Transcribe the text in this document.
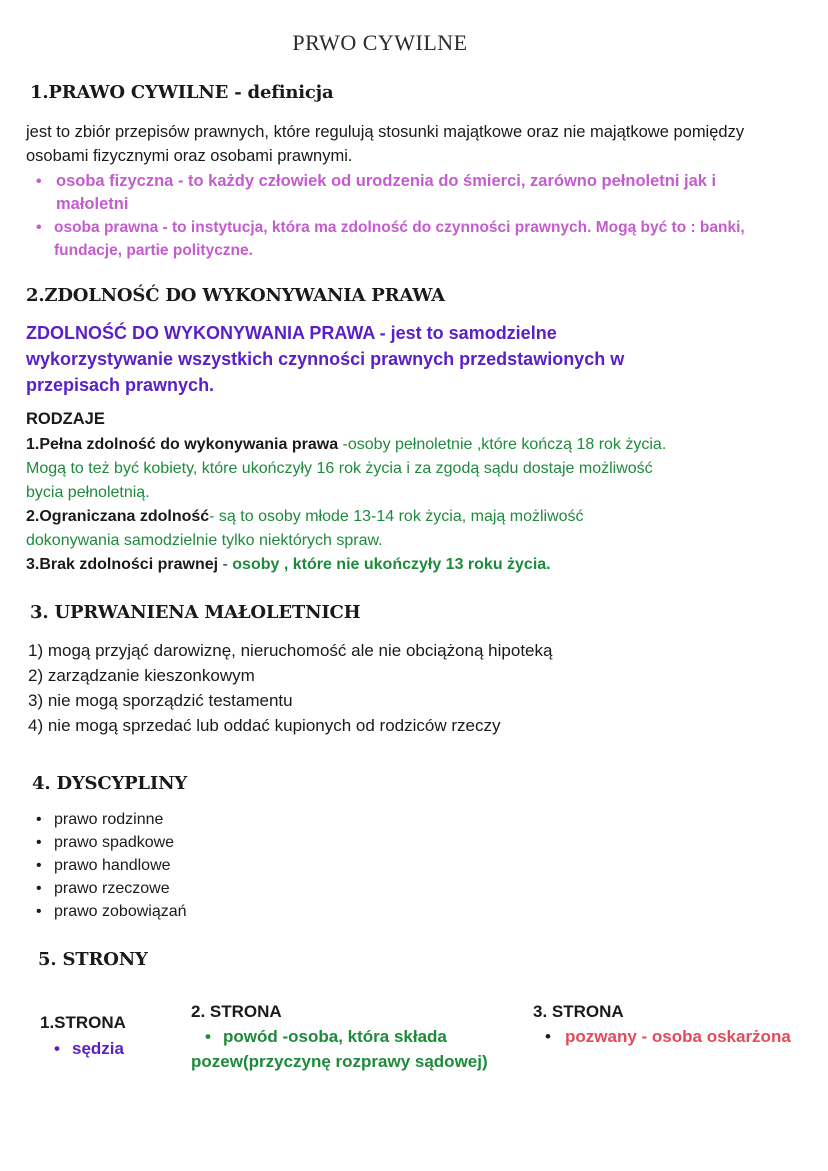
PRWO CYWILNE
1.PRAWO CYWILNE - definicja
jest to zbiór przepisów prawnych, które regulują stosunki majątkowe oraz nie majątkowe pomiędzy
osobami fizycznymi oraz osobami prawnymi.
• osoba fizyczna - to każdy człowiek od urodzenia do śmierci, zarówno pełnoletni jak i
małoletni
• osoba prawna - to instytucja, która ma zdolność do czynności prawnych. Mogą być to : banki,
fundacje, partie polityczne.
2.ZDOLNOŚĆ DO WYKONYWANIA PRAWA
ZDOLNOŚĆ DO WYKONYWANIA PRAWA - jest to samodzielne
wykorzystywanie wszystkich czynności prawnych przedstawionych w
przepisach prawnych.
RODZAJE
1.Pełna zdolność do wykonywania prawa -osoby pełnoletnie ,które kończą 18 rok życia.
Mogą to też być kobiety, które ukończyły 16 rok życia i za zgodą sądu dostaje możliwość
bycia pełnoletnią.
2.Ograniczana zdolność- są to osoby młode 13-14 rok życia, mają możliwość
dokonywania samodzielnie tylko niektórych spraw.
3.Brak zdolności prawnej - osoby , które nie ukończyły 13 roku życia.
3. UPRWANIENA MAŁOLETNICH
1) mogą przyjąć darowiznę, nieruchomość ale nie obciążoną hipoteką
2) zarządzanie kieszonkowym
3) nie mogą sporządzić testamentu
4) nie mogą sprzedać lub oddać kupionych od rodziców rzeczy
4. DYSCYPLINY
• prawo rodzinne
• prawo spadkowe
• prawo handlowe
• prawo rzeczowe
• prawo zobowiązań
5. STRONY
1.STRONA
• sędzia
2. STRONA
• powód -osoba, która składa
pozew(przyczynę rozprawy sądowej)
3. STRONA
• pozwany - osoba oskarżona
